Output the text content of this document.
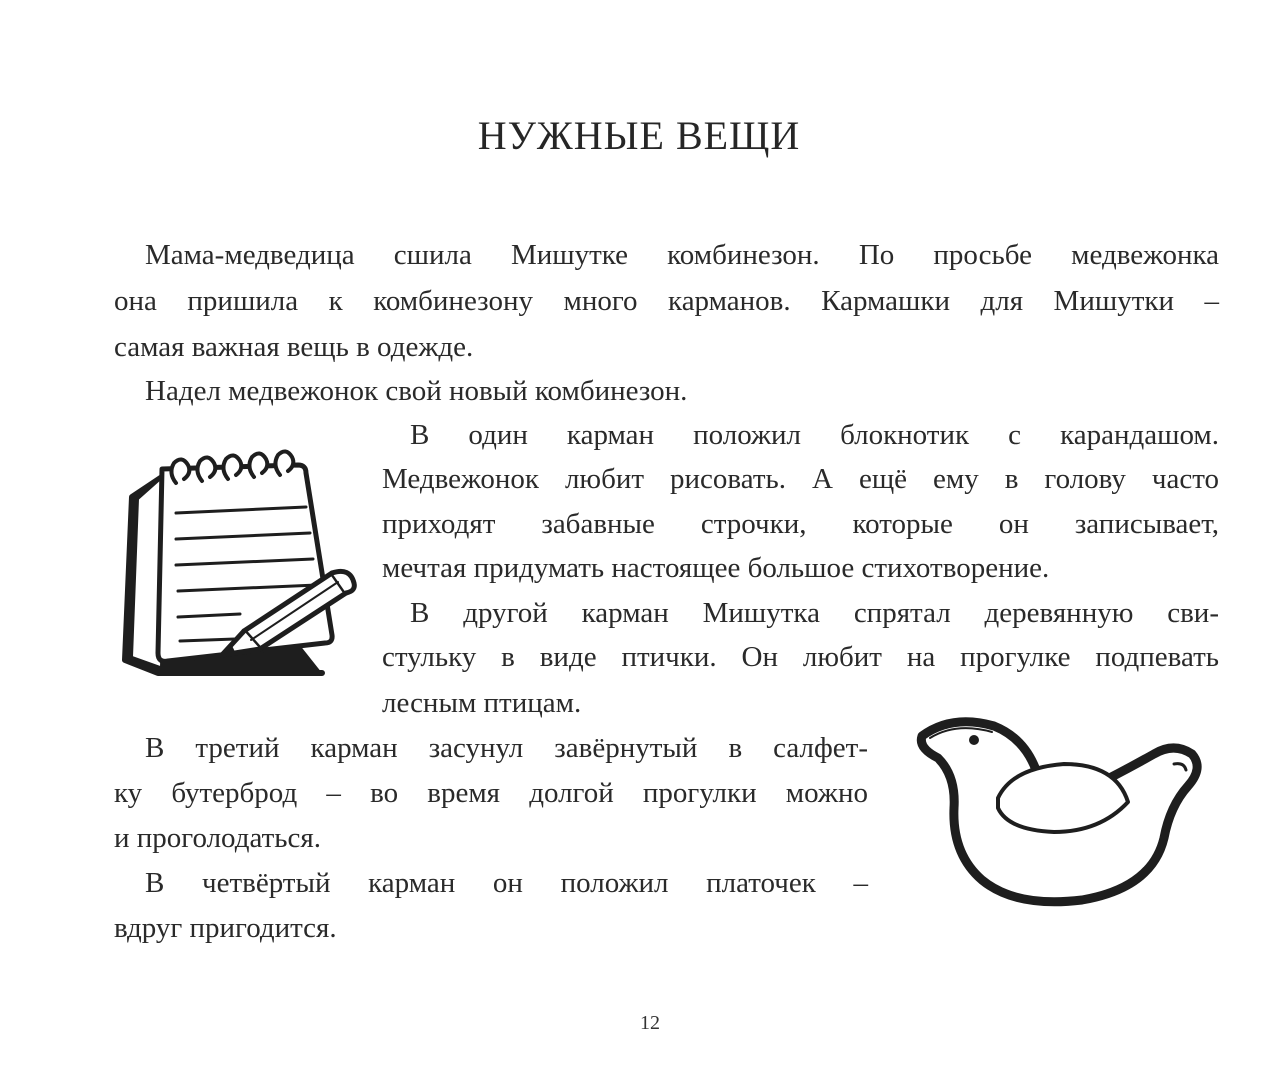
НУЖНЫЕ ВЕЩИ
Мама-медведица сшила Мишутке комбинезон. По просьбе медвежонка
она пришила к комбинезону много карманов. Кармашки для Мишутки –
самая важная вещь в одежде.
Надел медвежонок свой новый комбинезон.
В один карман положил блокнотик с карандашом.
Медвежонок любит рисовать. А ещё ему в голову часто
приходят забавные строчки, которые он записывает,
мечтая придумать настоящее большое стихотворение.
В другой карман Мишутка спрятал деревянную сви-
стульку в виде птички. Он любит на прогулке подпевать
лесным птицам.
В третий карман засунул завёрнутый в салфет-
ку бутерброд – во время долгой прогулки можно
и проголодаться.
В четвёртый карман он положил платочек –
вдруг пригодится.
12
